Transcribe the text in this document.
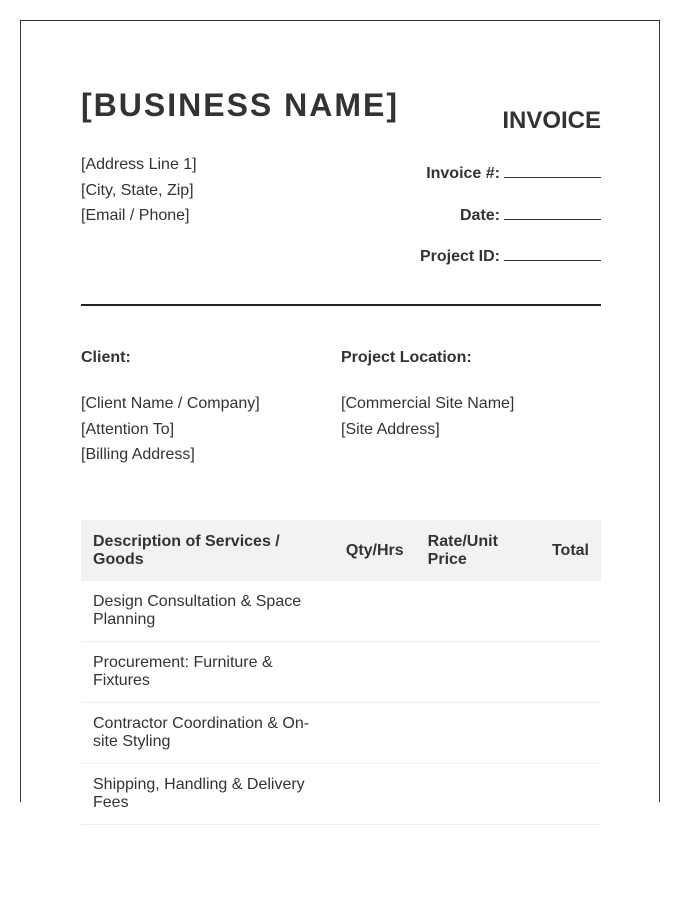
[BUSINESS NAME]	INVOICE
[Address Line 1]
[City, State, Zip]
[Email / Phone]
Invoice #:
Date:
Project ID:
Client:
[Client Name / Company]
[Attention To]
[Billing Address]
Project Location:
[Commercial Site Name]
[Site Address]
Description of Services / Goods	Qty/Hrs	Rate/Unit Price	Total
Design Consultation & Space Planning			
Procurement: Furniture & Fixtures			
Contractor Coordination & On-site Styling			
Shipping, Handling & Delivery Fees			
